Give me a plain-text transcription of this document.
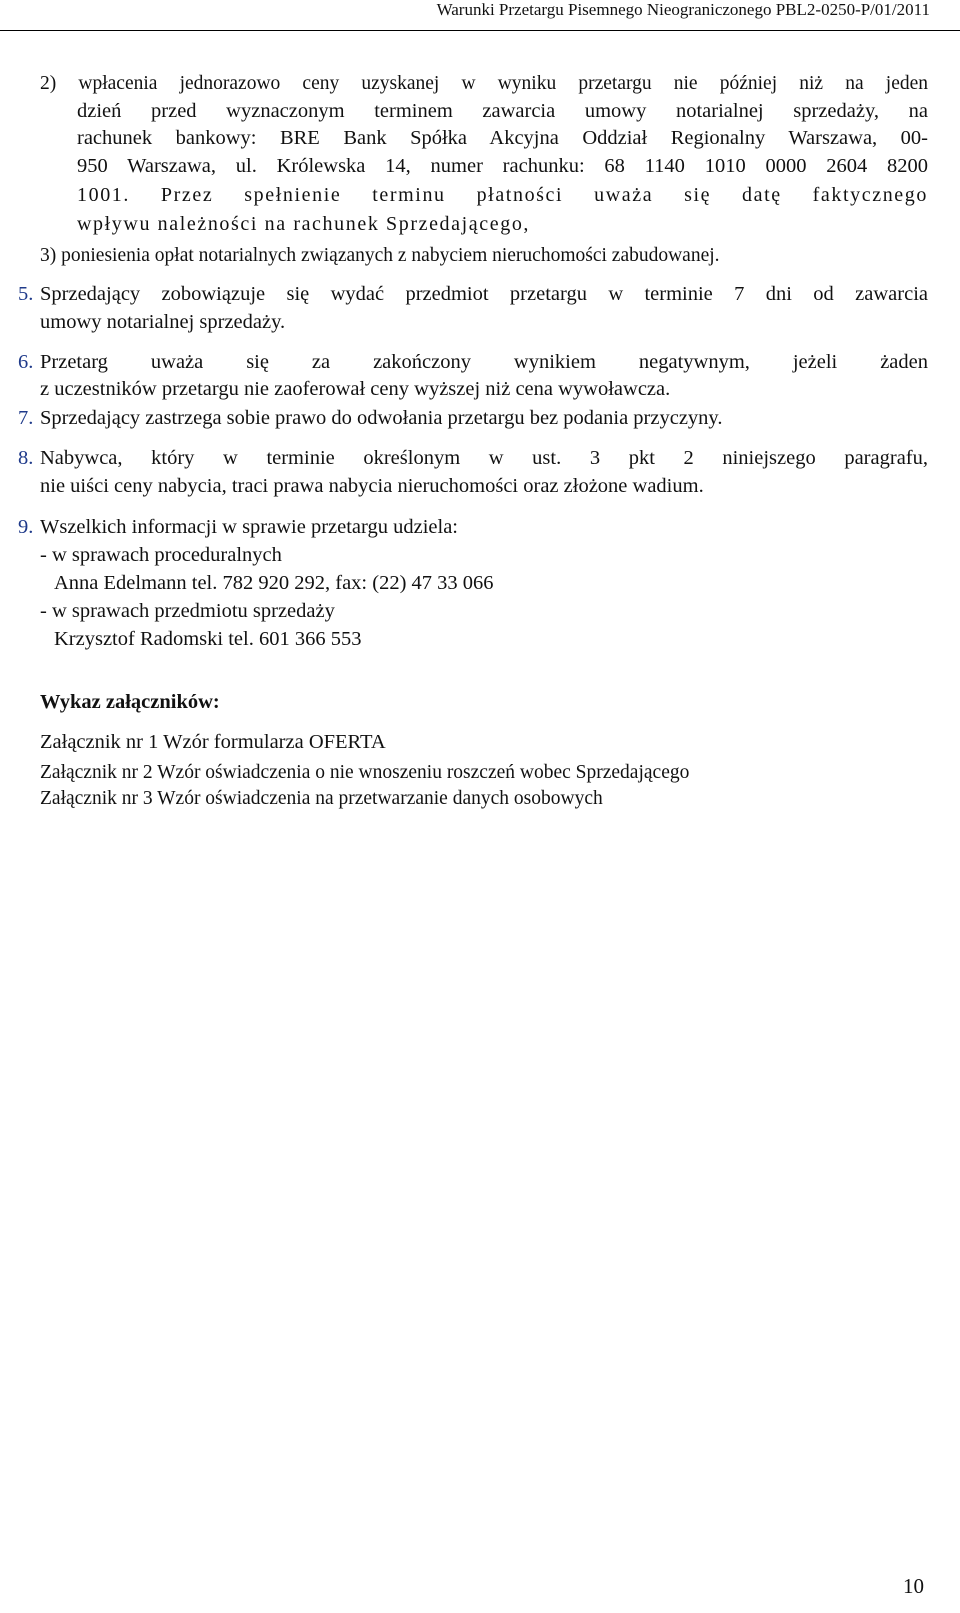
Warunki Przetargu Pisemnego Nieograniczonego PBL2-0250-P/01/2011
2) wpłacenia jednorazowo ceny uzyskanej w wyniku przetargu nie później niż na jeden
dzień przed wyznaczonym terminem zawarcia umowy notarialnej sprzedaży, na
rachunek bankowy: BRE Bank Spółka Akcyjna Oddział Regionalny Warszawa, 00-
950 Warszawa, ul. Królewska 14, numer rachunku: 68 1140 1010 0000 2604 8200
1001. Przez spełnienie terminu płatności uważa się datę faktycznego
wpływu należności na rachunek Sprzedającego,
3) poniesienia opłat notarialnych związanych z nabyciem nieruchomości zabudowanej.
5. Sprzedający zobowiązuje się wydać przedmiot przetargu w terminie 7 dni od zawarcia
umowy notarialnej sprzedaży.
6. Przetarg uważa się za zakończony wynikiem negatywnym, jeżeli żaden
z uczestników przetargu nie zaoferował ceny wyższej niż cena wywoławcza.
7. Sprzedający zastrzega sobie prawo do odwołania przetargu bez podania przyczyny.
8. Nabywca, który w terminie określonym w ust. 3 pkt 2 niniejszego paragrafu,
nie uiści ceny nabycia, traci prawa nabycia nieruchomości oraz złożone wadium.
9. Wszelkich informacji w sprawie przetargu udziela:
- w sprawach proceduralnych
Anna Edelmann tel. 782 920 292, fax: (22) 47 33 066
- w sprawach przedmiotu sprzedaży
Krzysztof Radomski tel. 601 366 553
Wykaz załączników:
Załącznik nr 1 Wzór formularza OFERTA
Załącznik nr 2 Wzór oświadczenia o nie wnoszeniu roszczeń wobec Sprzedającego
Załącznik nr 3 Wzór oświadczenia na przetwarzanie danych osobowych
10
